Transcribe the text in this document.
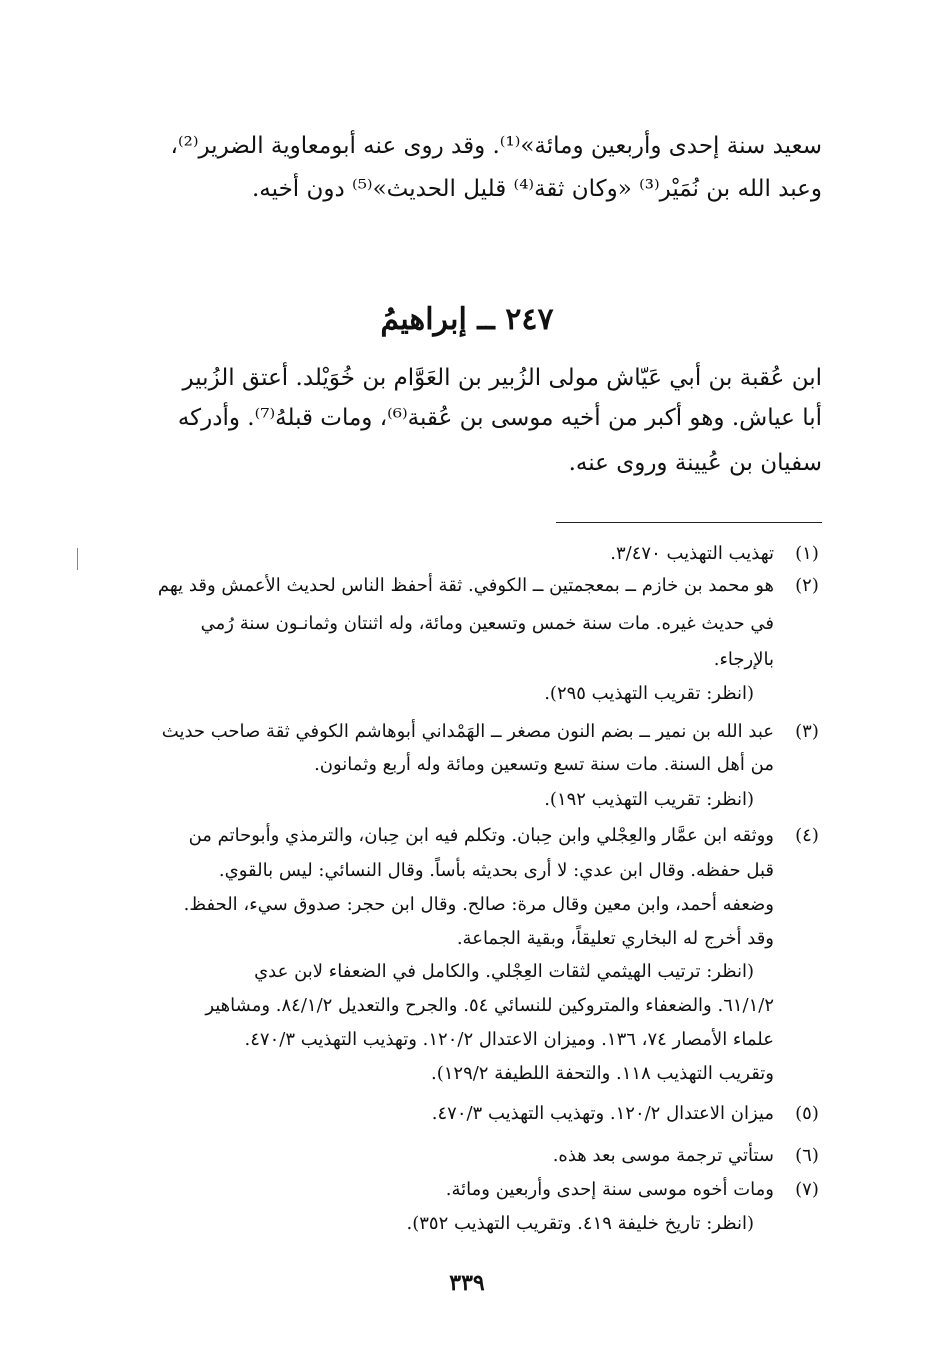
سعيد سنة إحدى وأربعين ومائة»⁽¹⁾. وقد روى عنه أبومعاوية الضرير⁽²⁾،
وعبد الله بن نُمَيْر⁽³⁾ «وكان ثقة⁽⁴⁾ قليل الحديث»⁽⁵⁾ دون أخيه.
٢٤٧ ــ إبراهيمُ
ابن عُقبة بن أبي عَيّاش مولى الزُبير بن العَوَّام بن خُوَيْلد. أعتق الزُبير
أبا عياش. وهو أكبر من أخيه موسى بن عُقبة⁽⁶⁾، ومات قبلهُ⁽⁷⁾. وأدركه
سفيان بن عُيينة وروى عنه.
(١)
تهذيب التهذيب ٣/٤٧٠.
(٢)
هو محمد بن خازم ــ بمعجمتين ــ الكوفي. ثقة أحفظ الناس لحديث الأعمش وقد يهم
في حديث غيره. مات سنة خمس وتسعين ومائة، وله اثنتان وثمانـون سنة رُمي
بالإرجاء.
(انظر: تقريب التهذيب ٢٩٥).
(٣)
عبد الله بن نمير ــ بضم النون مصغر ــ الهَمْداني أبوهاشم الكوفي ثقة صاحب حديث
من أهل السنة. مات سنة تسع وتسعين ومائة وله أربع وثمانون.
(انظر: تقريب التهذيب ١٩٢).
(٤)
ووثقه ابن عمَّار والعِجْلي وابن حِبان. وتكلم فيه ابن حِبان، والترمذي وأبوحاتم من
قبل حفظه. وقال ابن عدي: لا أرى بحديثه بأساً. وقال النسائي: ليس بالقوي.
وضعفه أحمد، وابن معين وقال مرة: صالح. وقال ابن حجر: صدوق سيء، الحفظ.
وقد أخرج له البخاري تعليقاً، وبقية الجماعة.
(انظر: ترتيب الهيثمي لثقات العِجْلي. والكامل في الضعفاء لابن عدي
٦١/١/٢. والضعفاء والمتروكين للنسائي ٥٤. والجرح والتعديل ٨٤/١/٢. ومشاهير
علماء الأمصار ٧٤، ١٣٦. وميزان الاعتدال ١٢٠/٢. وتهذيب التهذيب ٤٧٠/٣.
وتقريب التهذيب ١١٨. والتحفة اللطيفة ١٢٩/٢).
(٥)
ميزان الاعتدال ١٢٠/٢. وتهذيب التهذيب ٤٧٠/٣.
(٦)
ستأتي ترجمة موسى بعد هذه.
(٧)
ومات أخوه موسى سنة إحدى وأربعين ومائة.
(انظر: تاريخ خليفة ٤١٩. وتقريب التهذيب ٣٥٢).
٣٣٩
